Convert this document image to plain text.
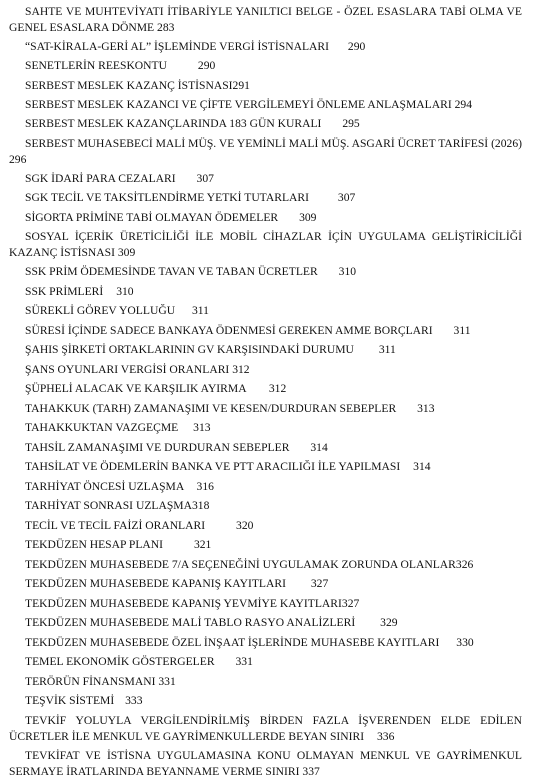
SAHTE VE MUHTEVİYATI İTİBARİYLE YANILTICI BELGE - ÖZEL ESASLARA TABİ OLMA VE GENEL ESASLARA DÖNME 283
“SAT-KİRALA-GERİ AL” İŞLEMİNDE VERGİ İSTİSNALARI 290
SENETLERİN REESKONTU	290
SERBEST MESLEK KAZANÇ İSTİSNASI291
SERBEST MESLEK KAZANCI VE ÇİFTE VERGİLEMEYİ ÖNLEME ANLAŞMALARI 294
SERBEST MESLEK KAZANÇLARINDA 183 GÜN KURALI 295
SERBEST MUHASEBECİ MALİ MÜŞ. VE YEMİNLİ MALİ MÜŞ. ASGARİ ÜCRET TARİFESİ (2026) 296
SGK İDARİ PARA CEZALARI 307
SGK TECİL VE TAKSİTLENDİRME YETKİ TUTARLARI 307
SİGORTA PRİMİNE TABİ OLMAYAN ÖDEMELER 309
SOSYAL İÇERİK ÜRETİCİLİĞİ İLE MOBİL CİHAZLAR İÇİN UYGULAMA GELİŞTİRİCİLİĞİ KAZANÇ İSTİSNASI 309
SSK PRİM ÖDEMESİNDE TAVAN VE TABAN ÜCRETLER 310
SSK PRİMLERİ 310
SÜREKLİ GÖREV YOLLUĞU 311
SÜRESİ İÇİNDE SADECE BANKAYA ÖDENMESİ GEREKEN AMME BORÇLARI 311
ŞAHIS ŞİRKETİ ORTAKLARININ GV KARŞISINDAKİ DURUMU 311
ŞANS OYUNLARI VERGİSİ ORANLARI 312
ŞÜPHELİ ALACAK VE KARŞILIK AYIRMA 312
TAHAKKUK (TARH) ZAMANAŞIMI VE KESEN/DURDURAN SEBEPLER 313
TAHAKKUKTAN VAZGEÇME 313
TAHSİL ZAMANAŞIMI VE DURDURAN SEBEPLER 314
TAHSİLAT VE ÖDEMLERİN BANKA VE PTT ARACILIĞI İLE YAPILMASI 314
TARHİYAT ÖNCESİ UZLAŞMA 316
TARHİYAT SONRASI UZLAŞMA318
TECİL VE TECİL FAİZİ ORANLARI	320
TEKDÜZEN HESAP PLANI	321
TEKDÜZEN MUHASEBEDE 7/A SEÇENEĞİNİ UYGULAMAK ZORUNDA OLANLAR326
TEKDÜZEN MUHASEBEDE KAPANIŞ KAYITLARI 327
TEKDÜZEN MUHASEBEDE KAPANIŞ YEVMİYE KAYITLARI327
TEKDÜZEN MUHASEBEDE MALİ TABLO RASYO ANALİZLERİ 329
TEKDÜZEN MUHASEBEDE ÖZEL İNŞAAT İŞLERİNDE MUHASEBE KAYITLARI 330
TEMEL EKONOMİK GÖSTERGELER 331
TERÖRÜN FİNANSMANI 331
TEŞVİK SİSTEMİ 333
TEVKİF YOLUYLA VERGİLENDİRİLMİŞ BİRDEN FAZLA İŞVERENDEN ELDE EDİLEN ÜCRETLER İLE MENKUL VE GAYRİMENKULLERDE BEYAN SINIRI 336
TEVKİFAT VE İSTİSNA UYGULAMASINA KONU OLMAYAN MENKUL VE GAYRİMENKUL SERMAYE İRATLARINDA BEYANNAME VERME SINIRI 337
